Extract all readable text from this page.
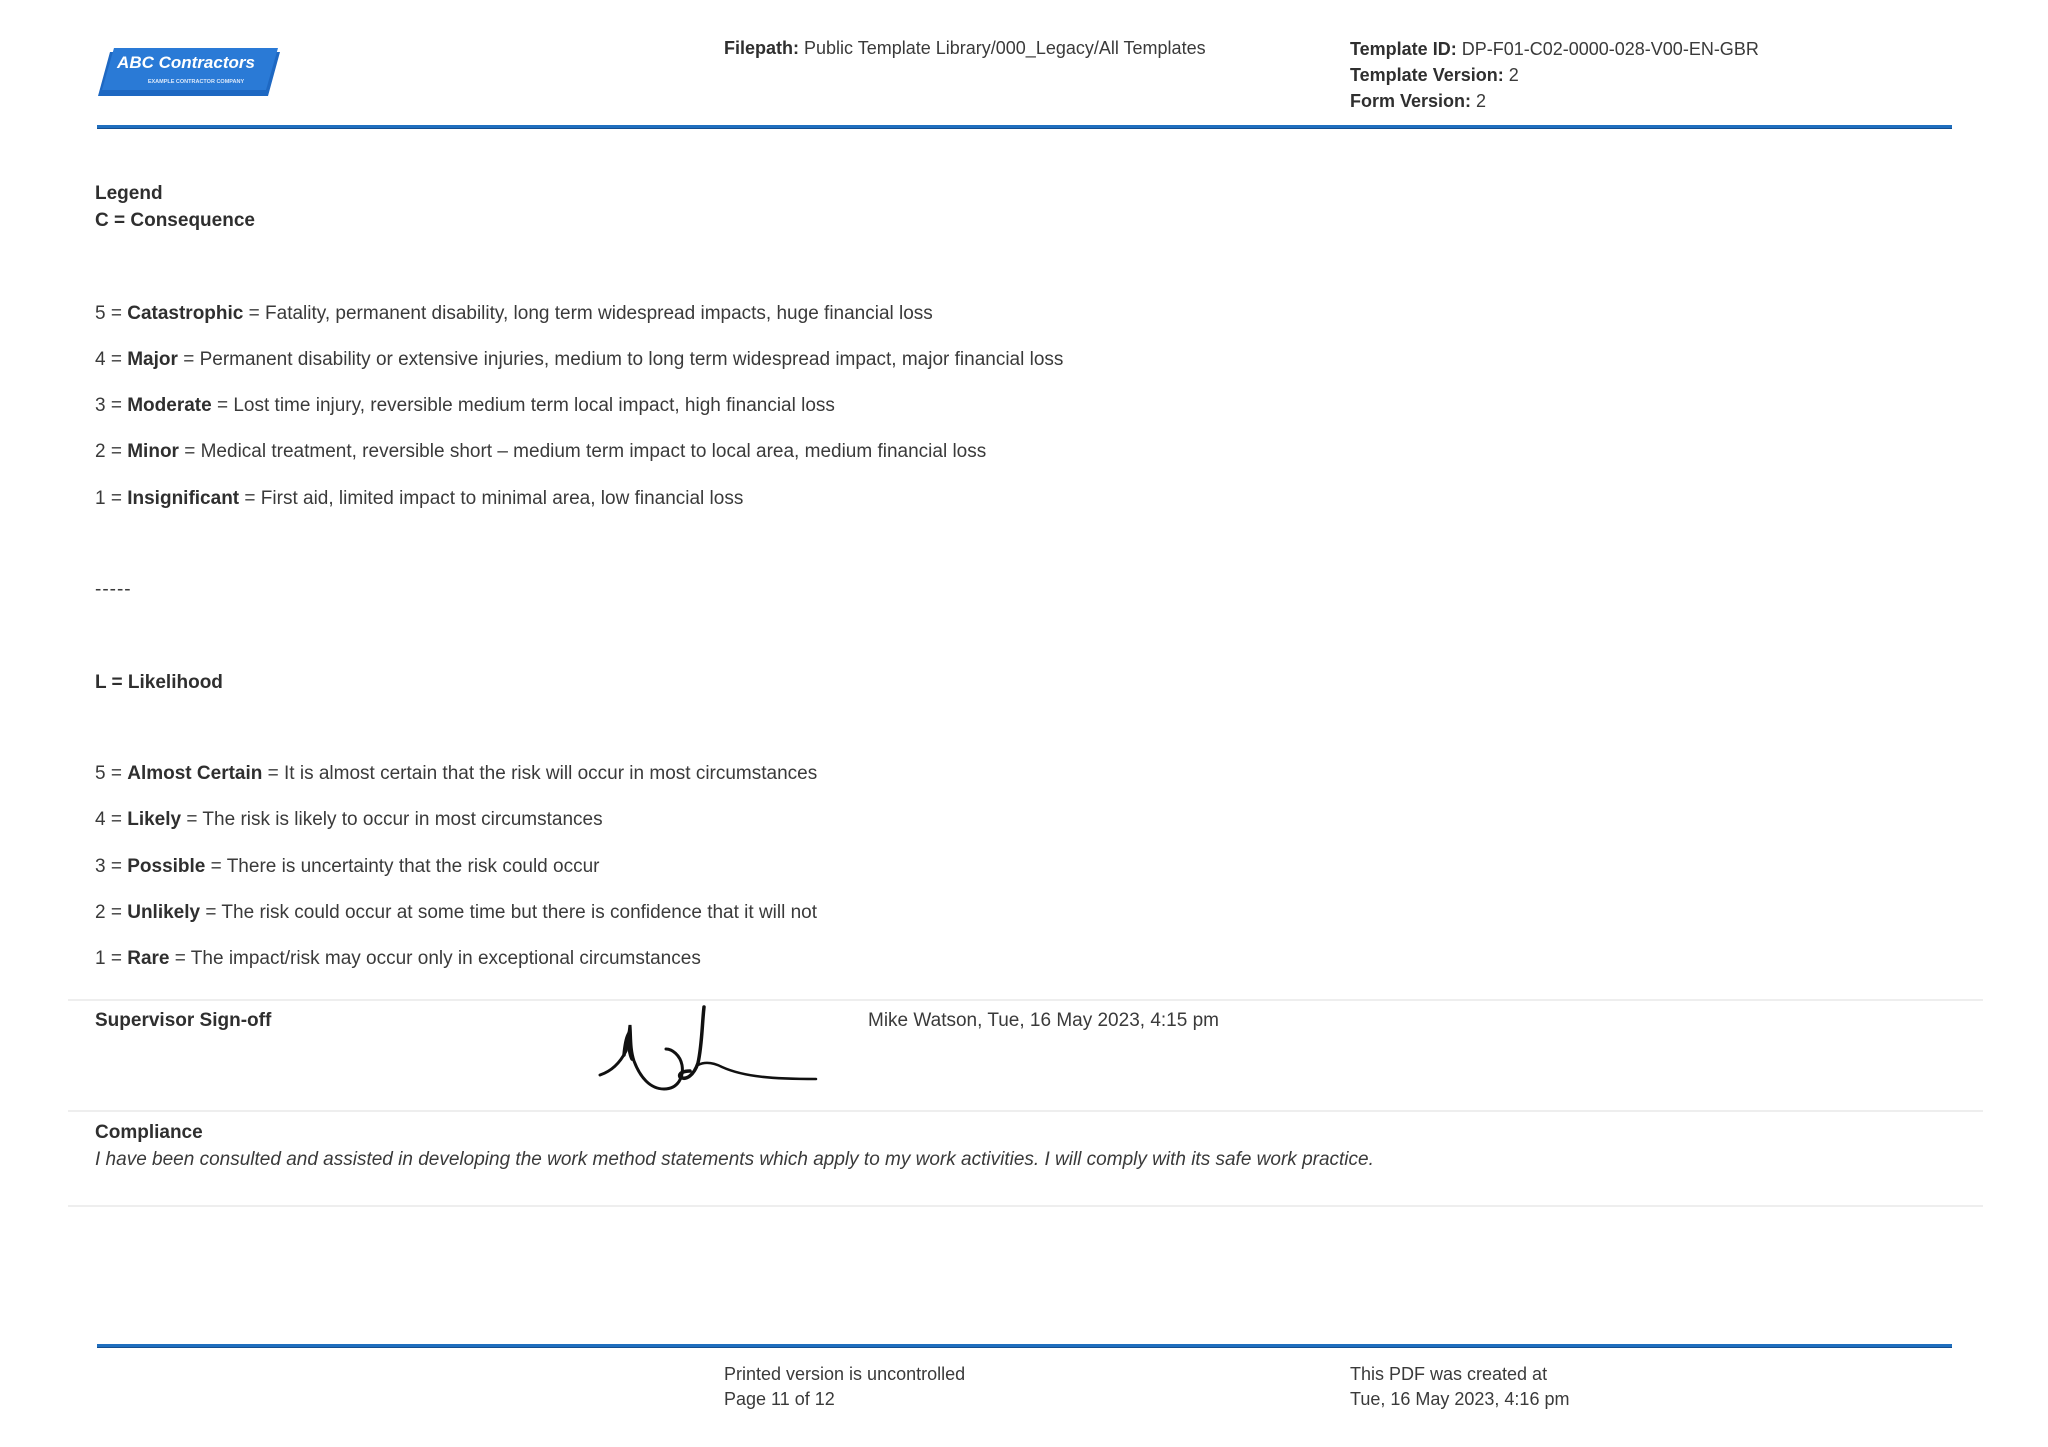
ABC Contractors
EXAMPLE CONTRACTOR COMPANY
Filepath: Public Template Library/000_Legacy/All Templates	Template ID: DP-F01-C02-0000-028-V00-EN-GBR
Template Version: 2
Form Version: 2
Legend
C = Consequence
5 = Catastrophic = Fatality, permanent disability, long term widespread impacts, huge financial loss
4 = Major = Permanent disability or extensive injuries, medium to long term widespread impact, major financial loss
3 = Moderate = Lost time injury, reversible medium term local impact, high financial loss
2 = Minor = Medical treatment, reversible short – medium term impact to local area, medium financial loss
1 = Insignificant = First aid, limited impact to minimal area, low financial loss
-----
L = Likelihood
5 = Almost Certain = It is almost certain that the risk will occur in most circumstances
4 = Likely = The risk is likely to occur in most circumstances
3 = Possible = There is uncertainty that the risk could occur
2 = Unlikely = The risk could occur at some time but there is confidence that it will not
1 = Rare = The impact/risk may occur only in exceptional circumstances
Supervisor Sign-off	Mike Watson, Tue, 16 May 2023, 4:15 pm
Compliance
I have been consulted and assisted in developing the work method statements which apply to my work activities. I will comply with its safe work practice.
Printed version is uncontrolled
Page 11 of 12
This PDF was created at
Tue, 16 May 2023, 4:16 pm
